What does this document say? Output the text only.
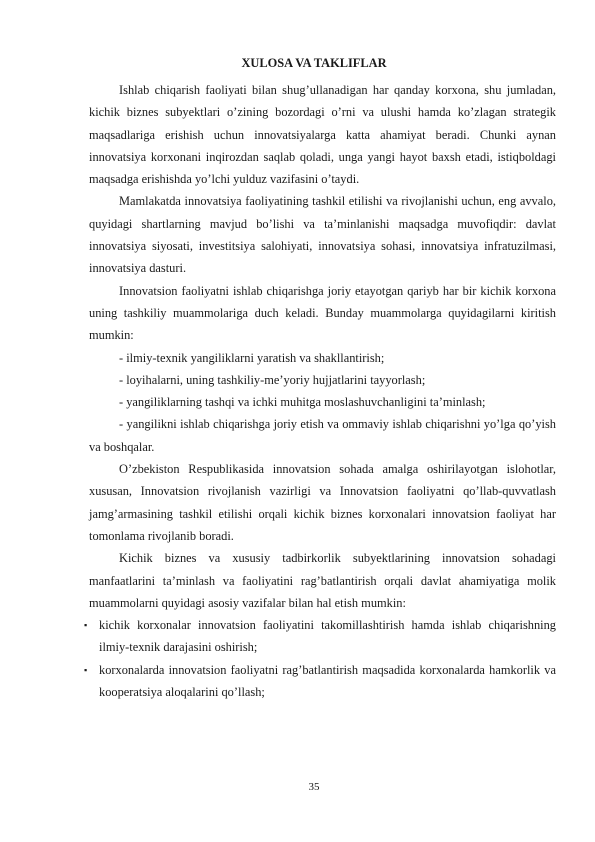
XULOSA VA TAKLIFLAR

Ishlab chiqarish faoliyati bilan shug’ullanadigan har qanday korxona, shu jumladan, kichik biznes subyektlari o’zining bozordagi o’rni va ulushi hamda ko’zlagan strategik maqsadlariga erishish uchun innovatsiyalarga katta ahamiyat beradi. Chunki aynan innovatsiya korxonani inqirozdan saqlab qoladi, unga yangi hayot baxsh etadi, istiqboldagi maqsadga erishishda yo’lchi yulduz vazifasini o’taydi.

Mamlakatda innovatsiya faoliyatining tashkil etilishi va rivojlanishi uchun, eng avvalo, quyidagi shartlarning mavjud bo’lishi va ta’minlanishi maqsadga muvofiqdir: davlat innovatsiya siyosati, investitsiya salohiyati, innovatsiya sohasi, innovatsiya infratuzilmasi, innovatsiya dasturi.

Innovatsion faoliyatni ishlab chiqarishga joriy etayotgan qariyb har bir kichik korxona uning tashkiliy muammolariga duch keladi. Bunday muammolarga quyidagilarni kiritish mumkin:

- ilmiy-texnik yangiliklarni yaratish va shakllantirish;

- loyihalarni, uning tashkiliy-me’yoriy hujjatlarini tayyorlash;

- yangiliklarning tashqi va ichki muhitga moslashuvchanligini ta’minlash;

- yangilikni ishlab chiqarishga joriy etish va ommaviy ishlab chiqarishni yo’lga qo’yish va boshqalar.

O’zbekiston Respublikasida innovatsion sohada amalga oshirilayotgan islohotlar, xususan, Innovatsion rivojlanish vazirligi va Innovatsion faoliyatni qo’llab-quvvatlash jamg’armasining tashkil etilishi orqali kichik biznes korxonalari innovatsion faoliyat har tomonlama rivojlanib boradi.

Kichik biznes va xususiy tadbirkorlik subyektlarining innovatsion sohadagi manfaatlarini ta’minlash va faoliyatini rag’batlantirish orqali davlat ahamiyatiga molik muammolarni quyidagi asosiy vazifalar bilan hal etish mumkin:

▪ kichik korxonalar innovatsion faoliyatini takomillashtirish hamda ishlab chiqarishning ilmiy-texnik darajasini oshirish;
▪ korxonalarda innovatsion faoliyatni rag’batlantirish maqsadida korxonalarda hamkorlik va kooperatsiya aloqalarini qo’llash;
35
